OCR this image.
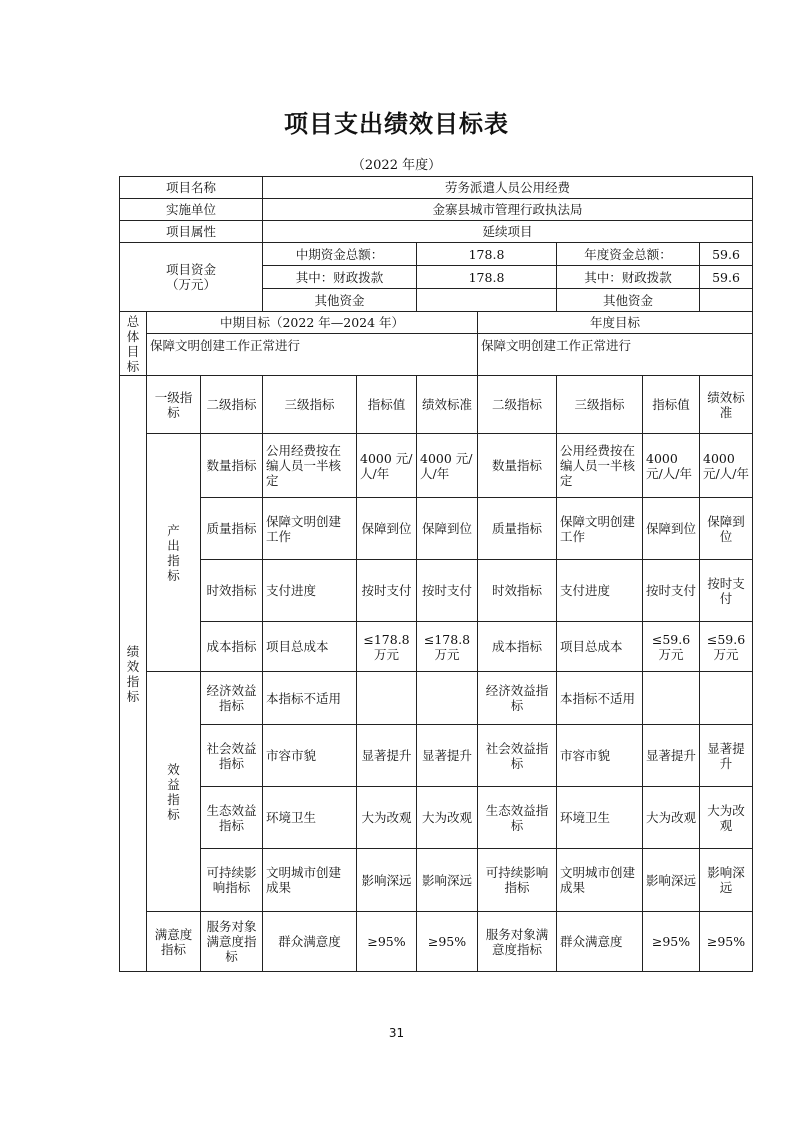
项目支出绩效目标表
（2022 年度）
项目名称			劳务派遣人员公用经费						
实施单位			金寨县城市管理行政执法局						
项目属性			延续项目						
项目资金
（万元）			中期资金总额：		178.8		年度资金总额：		59.6
			其中：财政拨款		178.8		其中：财政拨款		59.6
			其他资金				其他资金		
总体目标	中期目标（2022 年—2024 年）					年度目标			
	保障文明创建工作正常进行					保障文明创建工作正常进行			
绩效指标	一级指标	二级指标	三级指标	指标值	绩效标准	二级指标	三级指标	指标值	绩效标准
	产出指标	数量指标	公用经费按在编人员一半核定	4000 元/人/年	4000 元/人/年	数量指标	公用经费按在编人员一半核定	4000 元/人/年	4000 元/人/年
		质量指标	保障文明创建工作	保障到位	保障到位	质量指标	保障文明创建工作	保障到位	保障到位
		时效指标	支付进度	按时支付	按时支付	时效指标	支付进度	按时支付	按时支付
		成本指标	项目总成本	≤178.8 万元	≤178.8 万元	成本指标	项目总成本	≤59.6 万元	≤59.6 万元
	效益指标	经济效益指标	本指标不适用			经济效益指标	本指标不适用		
		社会效益指标	市容市貌	显著提升	显著提升	社会效益指标	市容市貌	显著提升	显著提升
		生态效益指标	环境卫生	大为改观	大为改观	生态效益指标	环境卫生	大为改观	大为改观
		可持续影响指标	文明城市创建成果	影响深远	影响深远	可持续影响指标	文明城市创建成果	影响深远	影响深远
	满意度指标	服务对象满意度指标	群众满意度	≥95%	≥95%	服务对象满意度指标	群众满意度	≥95%	≥95%
31
